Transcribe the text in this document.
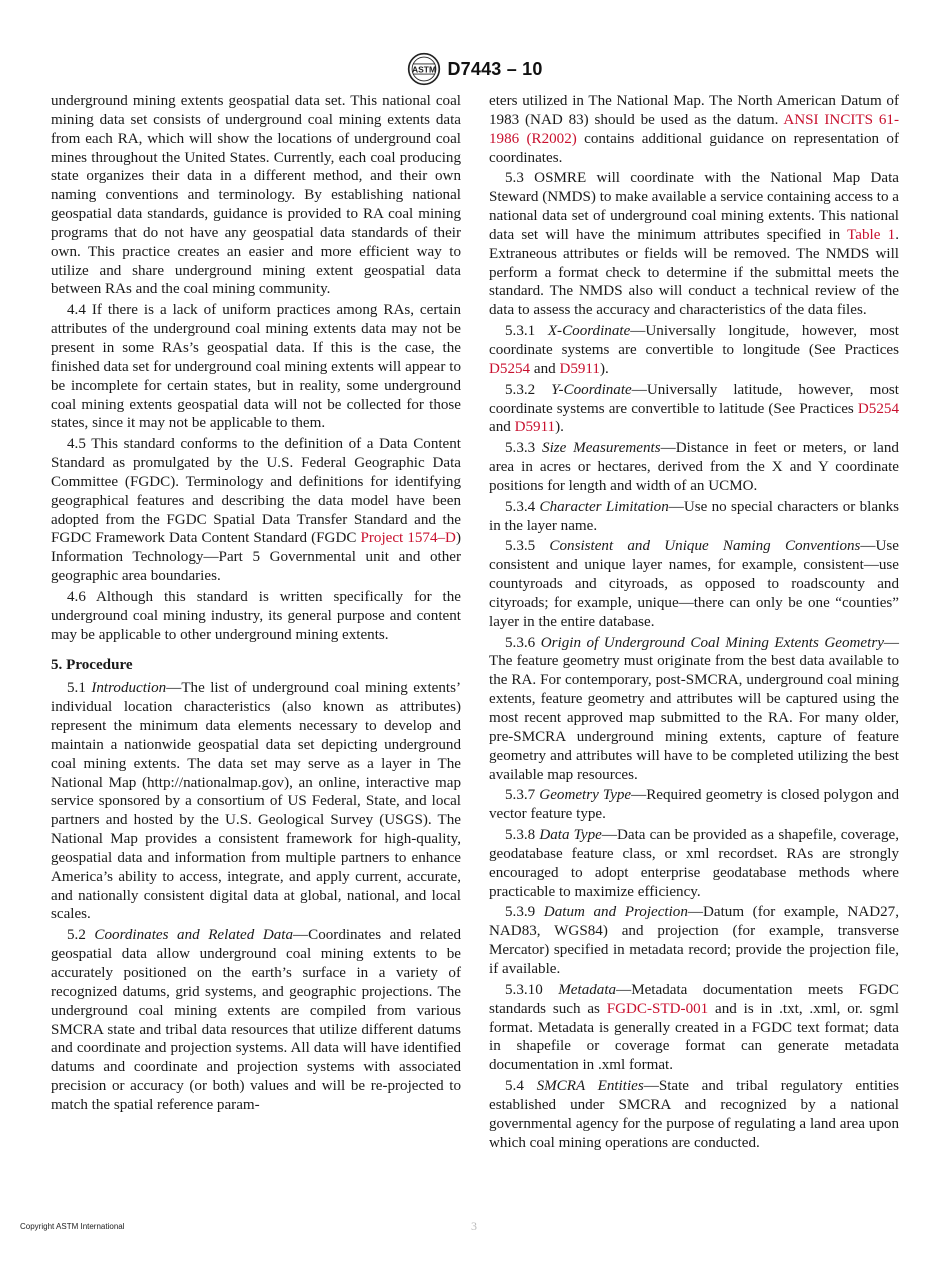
ASTM D7443 – 10

underground mining extents geospatial data set. This national coal mining data set consists of underground coal mining extents data from each RA, which will show the locations of underground coal mines throughout the United States. Currently, each coal producing state organizes their data in a different method, and their own naming conventions and terminology. By establishing national geospatial data standards, guidance is provided to RA coal mining programs that do not have any geospatial data standards of their own. This practice creates an easier and more efficient way to utilize and share underground mining extent geospatial data between RAs and the coal mining community.

4.4 If there is a lack of uniform practices among RAs, certain attributes of the underground coal mining extents data may not be present in some RAs’s geospatial data. If this is the case, the finished data set for underground coal mining extents will appear to be incomplete for certain states, but in reality, some underground coal mining extents geospatial data will not be collected for those states, since it may not be applicable to them.

4.5 This standard conforms to the definition of a Data Content Standard as promulgated by the U.S. Federal Geographic Data Committee (FGDC). Terminology and definitions for identifying geographical features and describing the data model have been adopted from the FGDC Spatial Data Transfer Standard and the FGDC Framework Data Content Standard (FGDC Project 1574–D) Information Technology—Part 5 Governmental unit and other geographic area boundaries.

4.6 Although this standard is written specifically for the underground coal mining industry, its general purpose and content may be applicable to other underground mining extents.

5. Procedure

5.1 Introduction—The list of underground coal mining extents’ individual location characteristics (also known as attributes) represent the minimum data elements necessary to develop and maintain a nationwide geospatial data set depicting underground coal mining extents. The data set may serve as a layer in The National Map (http://nationalmap.gov), an online, interactive map service sponsored by a consortium of US Federal, State, and local partners and hosted by the U.S. Geological Survey (USGS). The National Map provides a consistent framework for high-quality, geospatial data and information from multiple partners to enhance America’s ability to access, integrate, and apply current, accurate, and nationally consistent digital data at global, national, and local scales.

5.2 Coordinates and Related Data—Coordinates and related geospatial data allow underground coal mining extents to be accurately positioned on the earth’s surface in a variety of recognized datums, grid systems, and geographic projections. The underground coal mining extents are compiled from various SMCRA state and tribal data resources that utilize different datums and coordinate and projection systems. All data will have identified datums and coordinate and projection systems with associated precision or accuracy (or both) values and will be re-projected to match the spatial reference param-

eters utilized in The National Map. The North American Datum of 1983 (NAD 83) should be used as the datum. ANSI INCITS 61-1986 (R2002) contains additional guidance on representation of coordinates.

5.3 OSMRE will coordinate with the National Map Data Steward (NMDS) to make available a service containing access to a national data set of underground coal mining extents. This national data set will have the minimum attributes specified in Table 1. Extraneous attributes or fields will be removed. The NMDS will perform a format check to determine if the submittal meets the standard. The NMDS also will conduct a technical review of the data to assess the accuracy and characteristics of the data files.

5.3.1 X-Coordinate—Universally longitude, however, most coordinate systems are convertible to longitude (See Practices D5254 and D5911).

5.3.2 Y-Coordinate—Universally latitude, however, most coordinate systems are convertible to latitude (See Practices D5254 and D5911).

5.3.3 Size Measurements—Distance in feet or meters, or land area in acres or hectares, derived from the X and Y coordinate positions for length and width of an UCMO.

5.3.4 Character Limitation—Use no special characters or blanks in the layer name.

5.3.5 Consistent and Unique Naming Conventions—Use consistent and unique layer names, for example, consistent—use countyroads and cityroads, as opposed to roadscounty and cityroads; for example, unique—there can only be one “counties” layer in the entire database.

5.3.6 Origin of Underground Coal Mining Extents Geometry—The feature geometry must originate from the best data available to the RA. For contemporary, post-SMCRA, underground coal mining extents, feature geometry and attributes will be captured using the most recent approved map submitted to the RA. For many older, pre-SMCRA underground mining extents, capture of feature geometry and attributes will have to be completed utilizing the best available map resources.

5.3.7 Geometry Type—Required geometry is closed polygon and vector feature type.

5.3.8 Data Type—Data can be provided as a shapefile, coverage, geodatabase feature class, or xml recordset. RAs are strongly encouraged to adopt enterprise geodatabase methods where practicable to maximize efficiency.

5.3.9 Datum and Projection—Datum (for example, NAD27, NAD83, WGS84) and projection (for example, transverse Mercator) specified in metadata record; provide the projection file, if available.

5.3.10 Metadata—Metadata documentation meets FGDC standards such as FGDC-STD-001 and is in .txt, .xml, or. sgml format. Metadata is generally created in a FGDC text format; data in shapefile or coverage format can generate metadata documentation in .xml format.

5.4 SMCRA Entities—State and tribal regulatory entities established under SMCRA and recognized by a national governmental agency for the purpose of regulating a land area upon which coal mining operations are conducted.

Copyright ASTM International	3
